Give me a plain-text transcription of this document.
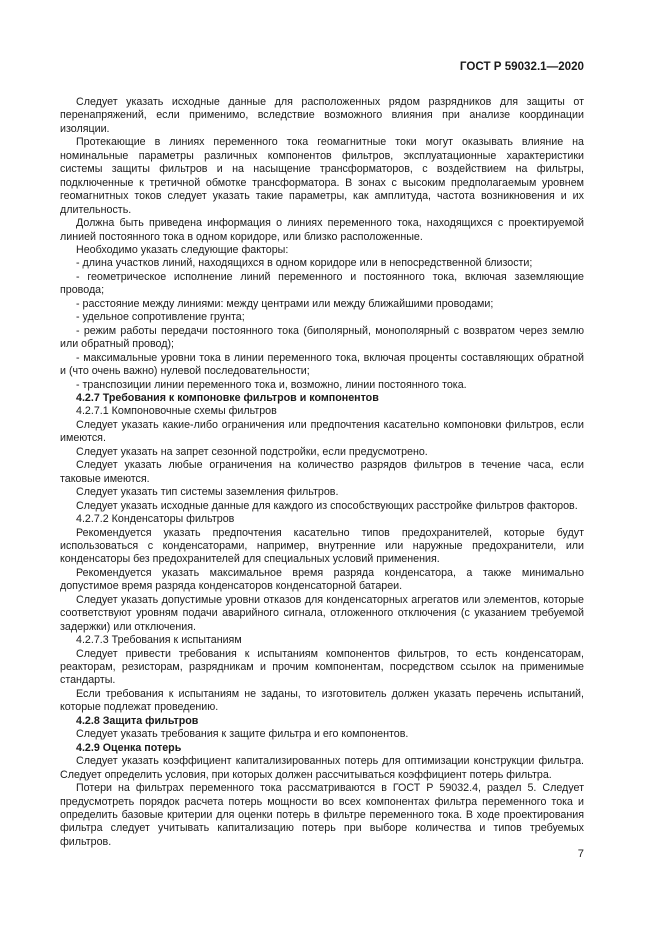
ГОСТ Р 59032.1—2020

Следует указать исходные данные для расположенных рядом разрядников для защиты от перенапряжений, если применимо, вследствие возможного влияния при анализе координации изоляции.

Протекающие в линиях переменного тока геомагнитные токи могут оказывать влияние на номинальные параметры различных компонентов фильтров, эксплуатационные характеристики системы защиты фильтров и на насыщение трансформаторов, с воздействием на фильтры, подключенные к третичной обмотке трансформатора. В зонах с высоким предполагаемым уровнем геомагнитных токов следует указать такие параметры, как амплитуда, частота возникновения и их длительность.

Должна быть приведена информация о линиях переменного тока, находящихся с проектируемой линией постоянного тока в одном коридоре, или близко расположенные.

Необходимо указать следующие факторы:

- длина участков линий, находящихся в одном коридоре или в непосредственной близости;

- геометрическое исполнение линий переменного и постоянного тока, включая заземляющие провода;

- расстояние между линиями: между центрами или между ближайшими проводами;

- удельное сопротивление грунта;

- режим работы передачи постоянного тока (биполярный, монополярный с возвратом через землю или обратный провод);

- максимальные уровни тока в линии переменного тока, включая проценты составляющих обратной и (что очень важно) нулевой последовательности;

- транспозиции линии переменного тока и, возможно, линии постоянного тока.

4.2.7 Требования к компоновке фильтров и компонентов

4.2.7.1 Компоновочные схемы фильтров

Следует указать какие-либо ограничения или предпочтения касательно компоновки фильтров, если имеются.

Следует указать на запрет сезонной подстройки, если предусмотрено.

Следует указать любые ограничения на количество разрядов фильтров в течение часа, если таковые имеются.

Следует указать тип системы заземления фильтров.

Следует указать исходные данные для каждого из способствующих расстройке фильтров факторов.

4.2.7.2 Конденсаторы фильтров

Рекомендуется указать предпочтения касательно типов предохранителей, которые будут использоваться с конденсаторами, например, внутренние или наружные предохранители, или конденсаторы без предохранителей для специальных условий применения.

Рекомендуется указать максимальное время разряда конденсатора, а также минимально допустимое время разряда конденсаторов конденсаторной батареи.

Следует указать допустимые уровни отказов для конденсаторных агрегатов или элементов, которые соответствуют уровням подачи аварийного сигнала, отложенного отключения (с указанием требуемой задержки) или отключения.

4.2.7.3 Требования к испытаниям

Следует привести требования к испытаниям компонентов фильтров, то есть конденсаторам, реакторам, резисторам, разрядникам и прочим компонентам, посредством ссылок на применимые стандарты.

Если требования к испытаниям не заданы, то изготовитель должен указать перечень испытаний, которые подлежат проведению.

4.2.8 Защита фильтров

Следует указать требования к защите фильтра и его компонентов.

4.2.9 Оценка потерь

Следует указать коэффициент капитализированных потерь для оптимизации конструкции фильтра. Следует определить условия, при которых должен рассчитываться коэффициент потерь фильтра.

Потери на фильтрах переменного тока рассматриваются в ГОСТ Р 59032.4, раздел 5. Следует предусмотреть порядок расчета потерь мощности во всех компонентах фильтра переменного тока и определить базовые критерии для оценки потерь в фильтре переменного тока. В ходе проектирования фильтра следует учитывать капитализацию потерь при выборе количества и типов требуемых фильтров.

7
